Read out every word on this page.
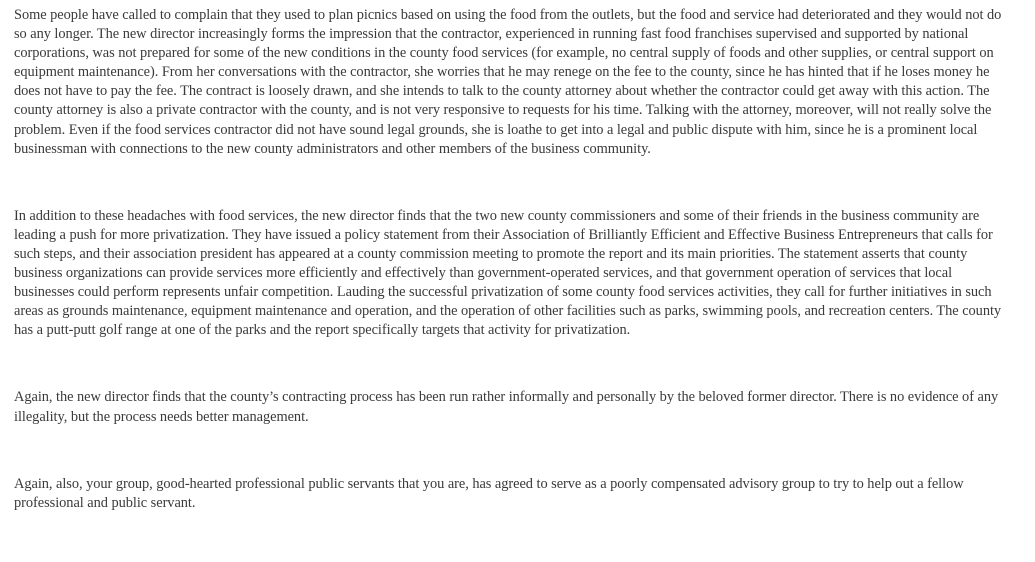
Some people have called to complain that they used to plan picnics based on using the food from the outlets, but the food and service had deteriorated and they would not do so any longer. The new director increasingly forms the impression that the contractor, experienced in running fast food franchises supervised and supported by national corporations, was not prepared for some of the new conditions in the county food services (for example, no central supply of foods and other supplies, or central support on equipment maintenance). From her conversations with the contractor, she worries that he may renege on the fee to the county, since he has hinted that if he loses money he does not have to pay the fee. The contract is loosely drawn, and she intends to talk to the county attorney about whether the contractor could get away with this action. The county attorney is also a private contractor with the county, and is not very responsive to requests for his time. Talking with the attorney, moreover, will not really solve the problem. Even if the food services contractor did not have sound legal grounds, she is loathe to get into a legal and public dispute with him, since he is a prominent local businessman with connections to the new county administrators and other members of the business community.

In addition to these headaches with food services, the new director finds that the two new county commissioners and some of their friends in the business community are leading a push for more privatization. They have issued a policy statement from their Association of Brilliantly Efficient and Effective Business Entrepreneurs that calls for such steps, and their association president has appeared at a county commission meeting to promote the report and its main priorities. The statement asserts that county business organizations can provide services more efficiently and effectively than government-operated services, and that government operation of services that local businesses could perform represents unfair competition. Lauding the successful privatization of some county food services activities, they call for further initiatives in such areas as grounds maintenance, equipment maintenance and operation, and the operation of other facilities such as parks, swimming pools, and recreation centers. The county has a putt-putt golf range at one of the parks and the report specifically targets that activity for privatization.

Again, the new director finds that the county’s contracting process has been run rather informally and personally by the beloved former director. There is no evidence of any illegality, but the process needs better management.

Again, also, your group, good-hearted professional public servants that you are, has agreed to serve as a poorly compensated advisory group to try to help out a fellow professional and public servant.
